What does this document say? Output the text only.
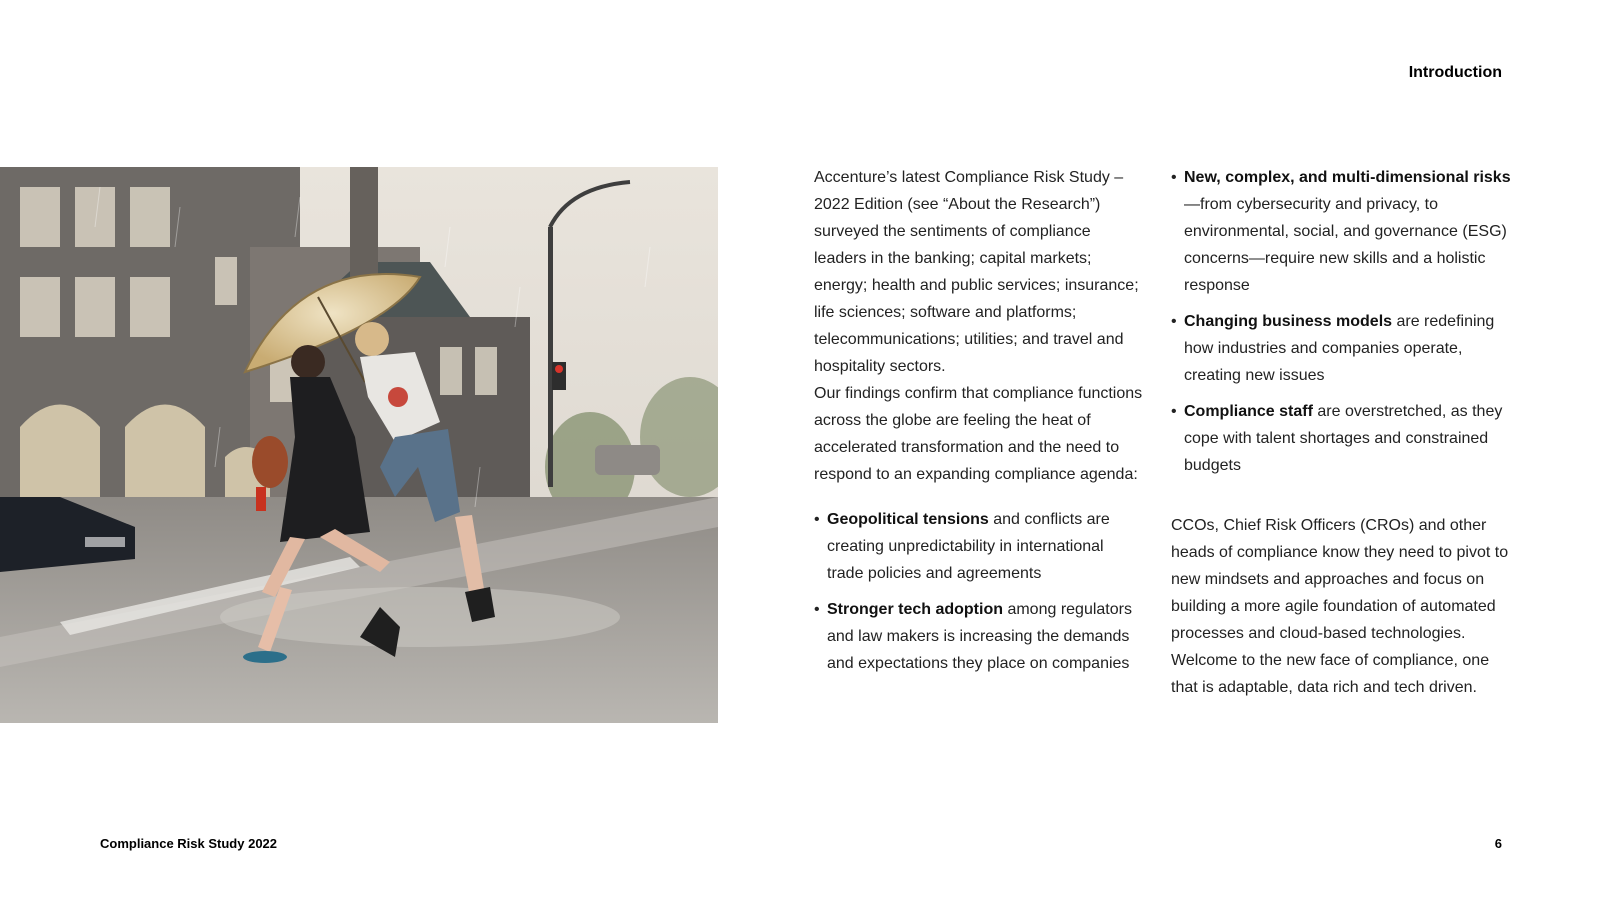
Introduction

Accenture’s latest Compliance Risk Study – 2022 Edition (see “About the Research”) surveyed the sentiments of compliance leaders in the banking; capital markets; energy; health and public services; insurance; life sciences; software and platforms; telecommunications; utilities; and travel and hospitality sectors.

Our findings confirm that compliance functions across the globe are feeling the heat of accelerated transformation and the need to respond to an expanding compliance agenda:

• Geopolitical tensions and conflicts are creating unpredictability in international trade policies and agreements
• Stronger tech adoption among regulators and law makers is increasing the demands and expectations they place on companies
• New, complex, and multi-dimensional risks—from cybersecurity and privacy, to environmental, social, and governance (ESG) concerns—require new skills and a holistic response
• Changing business models are redefining how industries and companies operate, creating new issues
• Compliance staff are overstretched, as they cope with talent shortages and constrained budgets

CCOs, Chief Risk Officers (CROs) and other heads of compliance know they need to pivot to new mindsets and approaches and focus on building a more agile foundation of automated processes and cloud-based technologies. Welcome to the new face of compliance, one that is adaptable, data rich and tech driven.

Compliance Risk Study 2022	6
